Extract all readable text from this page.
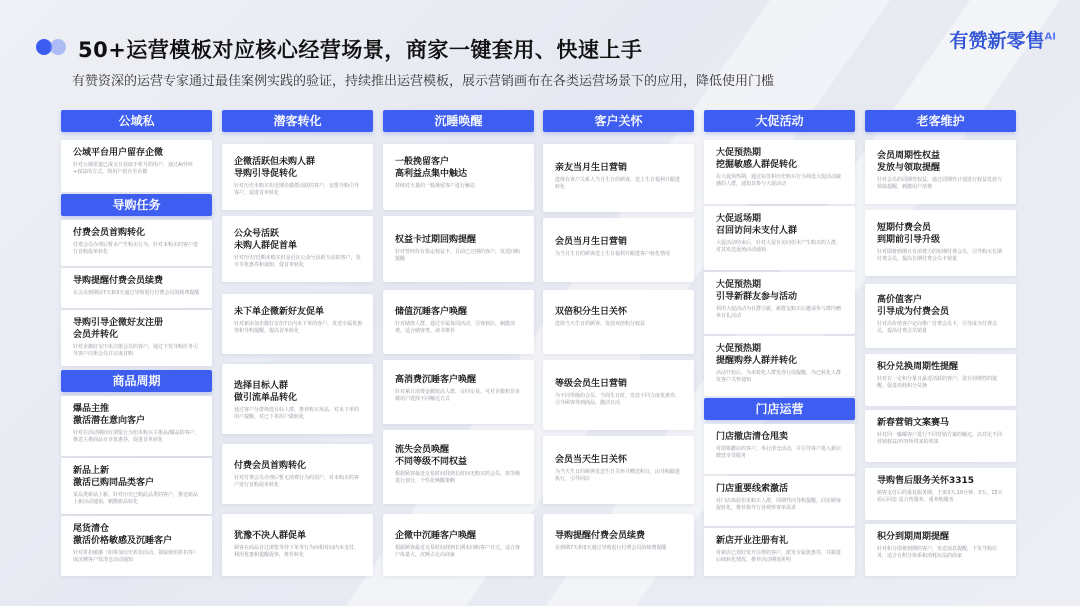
50+运营模板对应核心经营场景，商家一键套用、快速上手
有赞资深的运营专家通过最佳案例实践的验证，持续推出运营模板，展示营销画布在各类运营场景下的应用，降低使用门槛
有赞新零售$^{AI}$
公域私
公域平台用户留存企微
针对公域渠道已成交且获取手机号的用户，通过AI外呼+权益的方式，将用户留存至企微
导购任务
付费会员首购转化
付费会员办理后暂未产生购买行为，针对未购买的客户进行首购促单转化
导购提醒付费会员续费
在会员到期前7天和3天通过导购进行付费会员的续费提醒
导购引导企微好友注册会员并转化
针对企微好友中未注册会员的客户，通过下发导购任务引导客户注册会员并完成首购
商品周期
爆品主推
激活潜在意向客户
针对在活动期间有浏览行为但未购买主推品/爆品的客户，推送主推商品专享优惠券，促进首单转化
新品上新
激活已购同品类客户
某品类新品上新，针对历史已购此品类的客户，推送新品上新活动通知，刺激新品转化
尾货清仓
激活价格敏感及沉睡客户
针对折扣敏感（如参加历史折扣活动、领取使用折扣券）或沉睡客户发清仓活动通知
潜客转化
企微活跃但未购人群
导购引导促转化
针对历史未购买但近期企微群活跃的客户，安排导购引导客户，促进首单转化
公众号活跃
未购人群促首单
针对历史/近期未购买但是近在公众号活跃互动的客户，发专享优惠券和通知，促首单转化
未下单企微新好友促单
针对新添加企微好友但7日内未下单的客户，发送专属优惠券和导购提醒，提高首单转化
选择目标人群
做引流单品转化
通过客户分群筛选目标人群，推荐购买单品，对未下单的用户提醒，对已下单用户做转化
付费会员首购转化
针对付费会员办理后暂无消费行为的用户，对未购买的客户进行首购促单转化
犹豫不决人群促单
顾客在商品有过浏览等待下单等行为而相对间内未支付，利用优惠和提醒促单，推荐转化
沉睡唤醒
一般挽留客户
高利益点集中触达
持续对大量的一般挽留客户进行触达
权益卡过期回购提醒
针对曾经持有指定权益卡、目前已过期的客户，发送回购提醒
储值沉睡客户唤醒
针对储值人群，通过专属每周活动，引客到店，刺激消费，适合储客类、读书推荐
高消费沉睡客户唤醒
针对累计消费金额较高人群，召回交易。可对企微和非企微用户选择不同触达方式
流失会员唤醒
不同等级不同权益
根据顾客最近交易时间找到长时间无购买的会员，按等级进行划分，个性化唤醒策略
企微中沉睡客户唤醒
根据顾客最近交易时间找到长期未回购客户日过，适合客户体量大，沉睡占比高商家
客户关怀
亲友当月生日营销
选择有客户关系人当月生日的顾客，送上生日福利并跟进转化
会员当月生日营销
为当月生日的顾客送上生日福利并跟进客户转化情况
双倍积分生日关怀
选择当天生日的顾客，发放双倍积分权益
等级会员生日营销
为不同等级的会员，当周生日时，发放不同力度优惠券，引导顾客等到商品，激活日活
会员当天生日关怀
为当天生日的顾客发送生日关怀并赠送积分，由导购跟进执行，引导回店
导购提醒付费会员续费
在到期7天和3天通过导购进行付费会员的续费提醒
大促活动
大促预热期
挖掘敏感人群促转化
在大促预热期，通过标签和历史购买行为筛选大促活动敏感的人群，通知其参与大促活动
大促返场期
召回访问未支付人群
大促活动结束后，针对大促有访问但未产生购买的人群，对其发送返场活动通知
大促预热期
引导新群友参与活动
利用大促活动为社群引新，新群友购买后邀请参与群内赠单有礼活动
大促预热期
提醒购券人群并转化
活动开始后，为未转化人群发券行前提醒，为已转化人群发客户关怀通知
门店运营
门店撤店清仓甩卖
对即将撤店的客户，举行清仓活动，并引导客户进入新店微营享受服务
门店重要线索激活
对门店体验但未购买人群，周期性向导购提醒，回访顾客促转化，推荐指导行业观察客单需求
新店开业注册有礼
对新店已划好发开注册的客户，派发专属优惠券，并跟进后续转化情况，推荐活动期加更明
老客维护
会员周期性权益
发放与领取提醒
针对会员的周期性权益，通过周期性计划进行权益发放与领取提醒，刺激用户消费
短期付费会员
到期前引导升级
针对即将到期且有消费力的短期付费会员，引导购买长期付费会员，提高长期付费会员卡销量
高价值客户
引导成为付费会员
针对高价值客户定向推广付费会员卡，引导成为付费会员，提高付费会员销量
积分兑换周期性提醒
针对有一定积分量且最近活跃的客户，进行周期性的提醒，促进消耗积分兑换
新春营销文案赛马
针对同一曝曝客户进行不同营销方案的触达，以对比不同营销权益/内容所带来的效果
导购售后服务关怀3315
顾客支付后的重复服务期，于第3天,10分钟、3天、15天看后回访 适合售服务、重养购服务
积分到期周期提醒
针对积分即将到期的客户，发送消息提醒，下发导购任务，适合有积分体系和消耗玩法的商家
